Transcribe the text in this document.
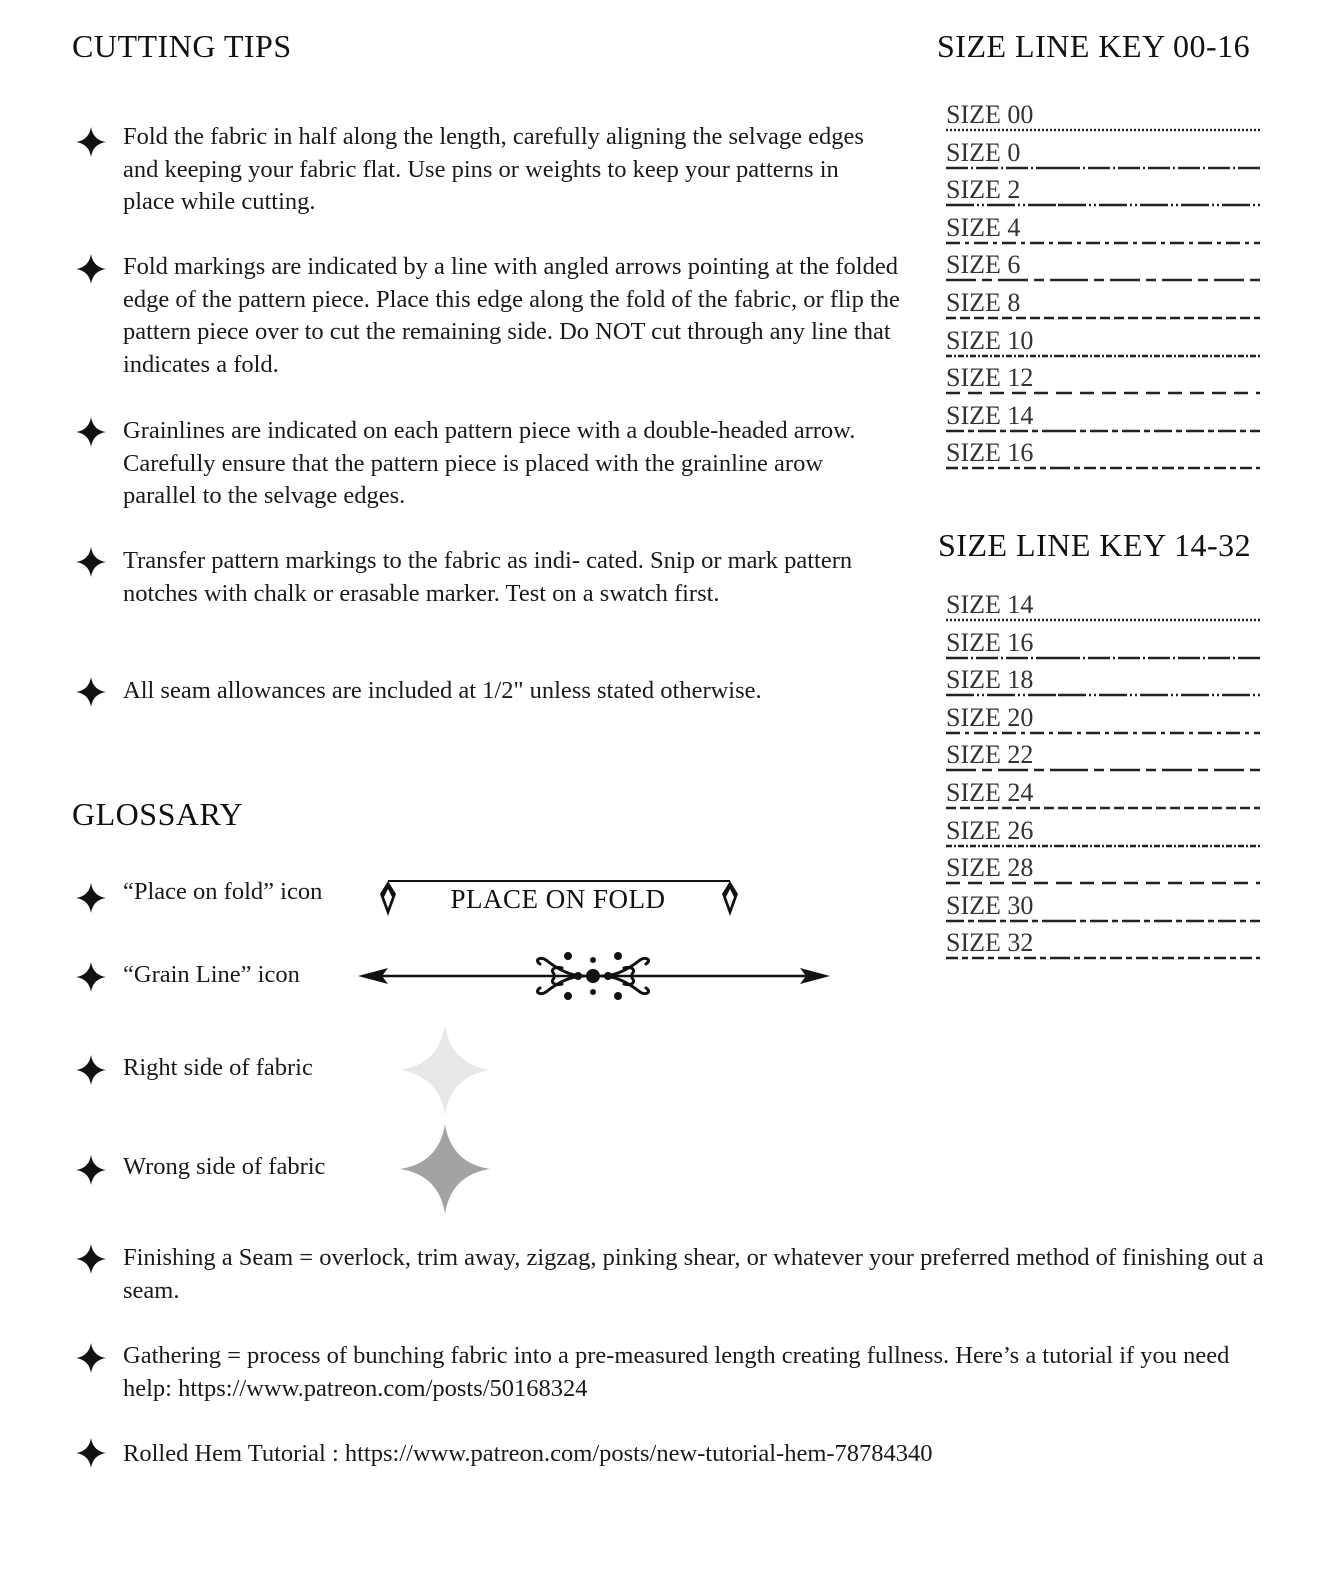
CUTTING TIPS
Fold the fabric in half along the length, carefully aligning the selvage edges and keeping your fabric flat. Use pins or weights to keep your patterns in place while cutting.
Fold markings are indicated by a line with angled arrows pointing at the folded edge of the pattern piece. Place this edge along the fold of the fabric, or flip the pattern piece over to cut the remaining side. Do NOT cut through any line that indicates a fold.
Grainlines are indicated on each pattern piece with a double-headed arrow. Carefully ensure that the pattern piece is placed with the grainline arow parallel to the selvage edges.
Transfer pattern markings to the fabric as indi- cated. Snip or mark pattern notches with chalk or erasable marker. Test on a swatch first.
All seam allowances are included at 1/2" unless stated otherwise.
SIZE LINE KEY 00-16
SIZE 00
SIZE 0
SIZE 2
SIZE 4
SIZE 6
SIZE 8
SIZE 10
SIZE 12
SIZE 14
SIZE 16
SIZE LINE KEY 14-32
SIZE 14
SIZE 16
SIZE 18
SIZE 20
SIZE 22
SIZE 24
SIZE 26
SIZE 28
SIZE 30
SIZE 32
GLOSSARY
“Place on fold” icon	PLACE ON FOLD
“Grain Line” icon
Right side of fabric
Wrong side of fabric
Finishing a Seam = overlock, trim away, zigzag, pinking shear, or whatever your preferred method of finishing out a seam.
Gathering = process of bunching fabric into a pre-measured length creating fullness. Here’s a tutorial if you need help: https://www.patreon.com/posts/50168324
Rolled Hem Tutorial : https://www.patreon.com/posts/new-tutorial-hem-78784340
